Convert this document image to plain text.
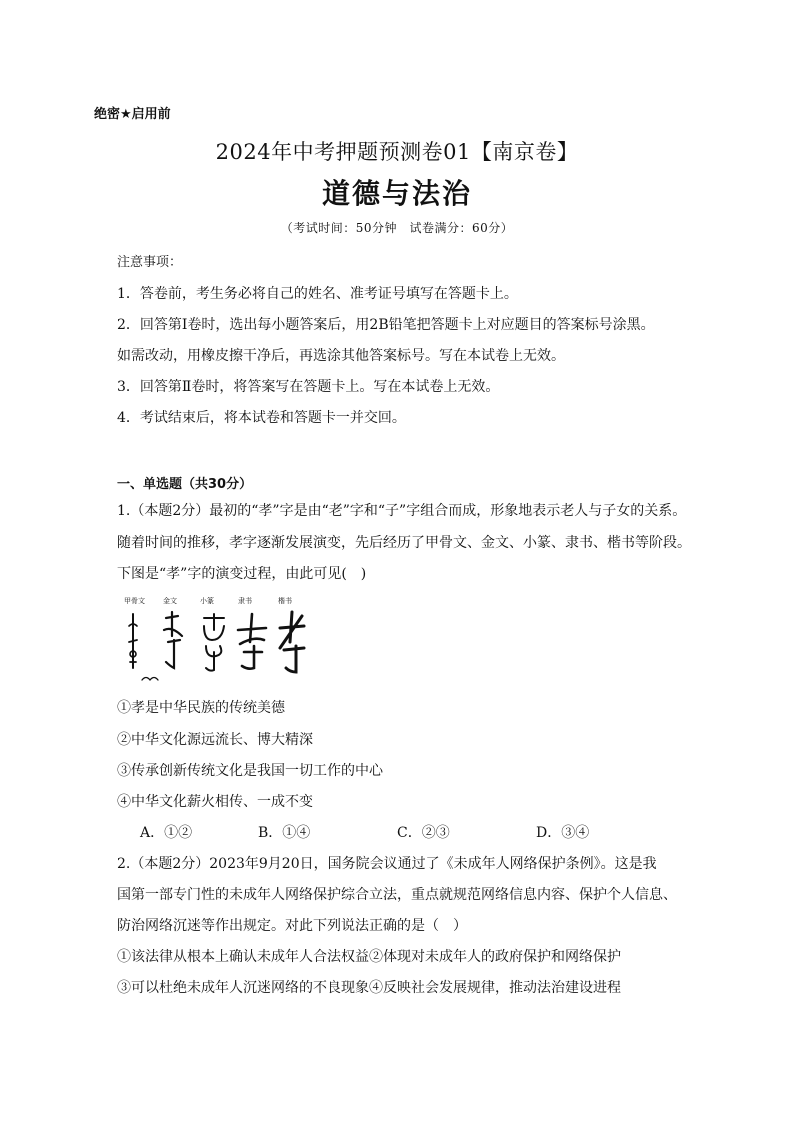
绝密★启用前
2024年中考押题预测卷01【南京卷】
道德与法治
（考试时间：50分钟　试卷满分：60分）
注意事项：
1．答卷前，考生务必将自己的姓名、准考证号填写在答题卡上。
2．回答第Ⅰ卷时，选出每小题答案后，用2B铅笔把答题卡上对应题目的答案标号涂黑。
如需改动，用橡皮擦干净后，再选涂其他答案标号。写在本试卷上无效。
3．回答第Ⅱ卷时，将答案写在答题卡上。写在本试卷上无效。
4．考试结束后，将本试卷和答题卡一并交回。
一、单选题（共30分）
1.（本题2分）最初的“孝”字是由“老”字和“子”字组合而成，形象地表示老人与子女的关系。
随着时间的推移，孝字逐渐发展演变，先后经历了甲骨文、金文、小篆、隶书、楷书等阶段。
下图是“孝”字的演变过程，由此可见(　)
甲骨文	金文	小篆	隶书	楷书
①孝是中华民族的传统美德
②中华文化源远流长、博大精深
③传承创新传统文化是我国一切工作的中心
④中华文化薪火相传、一成不变
A．①②	B．①④	C．②③	D．③④
2.（本题2分）2023年9月20日，国务院会议通过了《未成年人网络保护条例》。这是我
国第一部专门性的未成年人网络保护综合立法，重点就规范网络信息内容、保护个人信息、
防治网络沉迷等作出规定。对此下列说法正确的是（　）
①该法律从根本上确认未成年人合法权益②体现对未成年人的政府保护和网络保护
③可以杜绝未成年人沉迷网络的不良现象④反映社会发展规律，推动法治建设进程
